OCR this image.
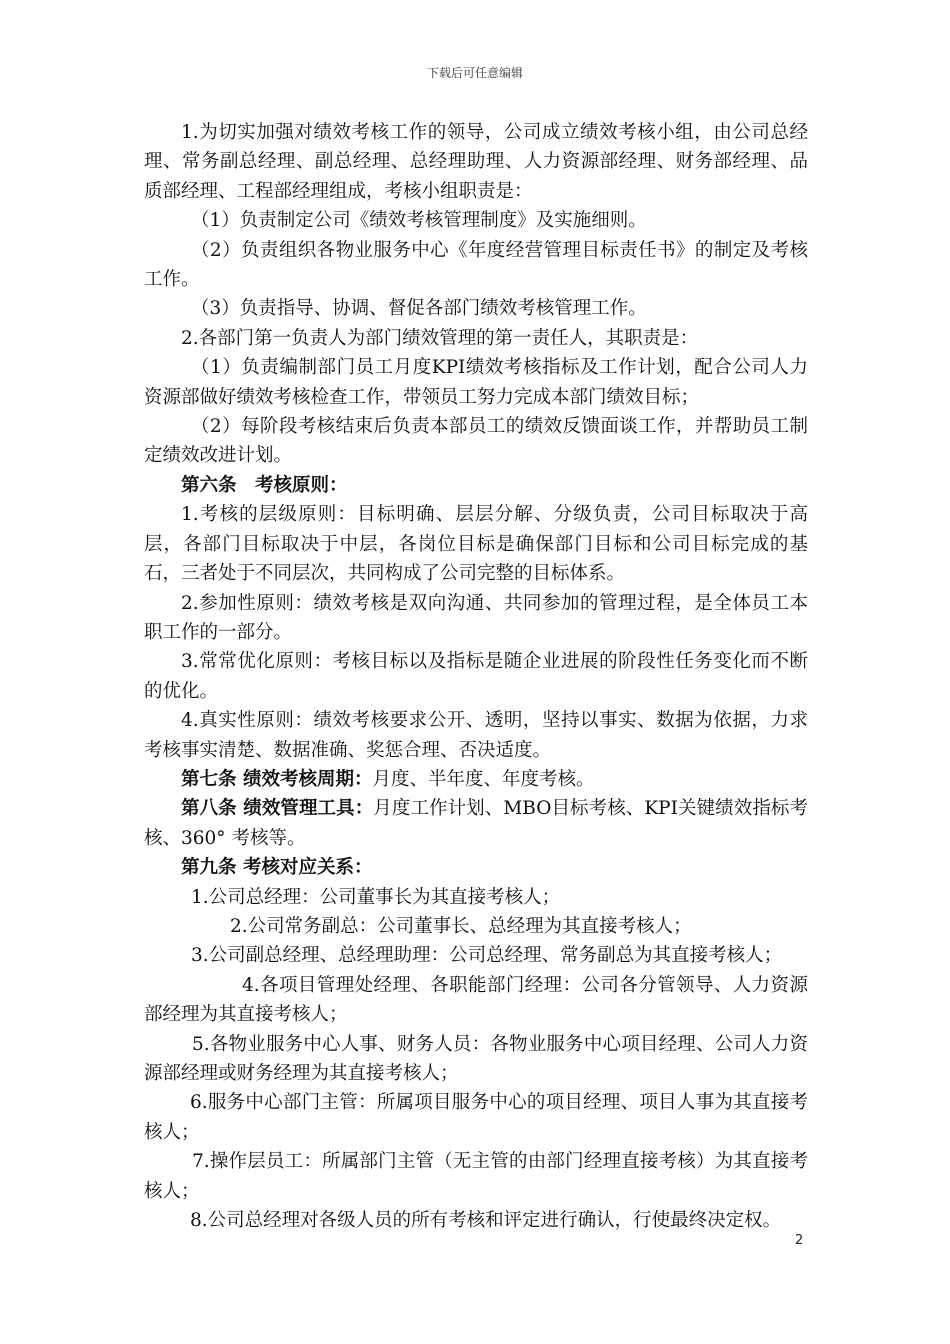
下载后可任意编辑

1.为切实加强对绩效考核工作的领导，公司成立绩效考核小组，由公司总经理、常务副总经理、副总经理、总经理助理、人力资源部经理、财务部经理、品质部经理、工程部经理组成，考核小组职责是：

（1）负责制定公司《绩效考核管理制度》及实施细则。

（2）负责组织各物业服务中心《年度经营管理目标责任书》的制定及考核工作。

（3）负责指导、协调、督促各部门绩效考核管理工作。

2.各部门第一负责人为部门绩效管理的第一责任人，其职责是：

（1）负责编制部门员工月度KPI绩效考核指标及工作计划，配合公司人力资源部做好绩效考核检查工作，带领员工努力完成本部门绩效目标；

（2）每阶段考核结束后负责本部员工的绩效反馈面谈工作，并帮助员工制定绩效改进计划。

第六条　考核原则：

1.考核的层级原则：目标明确、层层分解、分级负责，公司目标取决于高层，各部门目标取决于中层，各岗位目标是确保部门目标和公司目标完成的基石，三者处于不同层次，共同构成了公司完整的目标体系。

2.参加性原则：绩效考核是双向沟通、共同参加的管理过程，是全体员工本职工作的一部分。

3.常常优化原则：考核目标以及指标是随企业进展的阶段性任务变化而不断的优化。

4.真实性原则：绩效考核要求公开、透明，坚持以事实、数据为依据，力求考核事实清楚、数据准确、奖惩合理、否决适度。

第七条 绩效考核周期：月度、半年度、年度考核。

第八条 绩效管理工具：月度工作计划、MBO目标考核、KPI关键绩效指标考核、360° 考核等。

第九条 考核对应关系：

1.公司总经理：公司董事长为其直接考核人；

2.公司常务副总：公司董事长、总经理为其直接考核人；

3.公司副总经理、总经理助理：公司总经理、常务副总为其直接考核人；

4.各项目管理处经理、各职能部门经理：公司各分管领导、人力资源部经理为其直接考核人；

5.各物业服务中心人事、财务人员：各物业服务中心项目经理、公司人力资源部经理或财务经理为其直接考核人；

6.服务中心部门主管：所属项目服务中心的项目经理、项目人事为其直接考核人；

7.操作层员工：所属部门主管（无主管的由部门经理直接考核）为其直接考核人；

8.公司总经理对各级人员的所有考核和评定进行确认，行使最终决定权。

2
